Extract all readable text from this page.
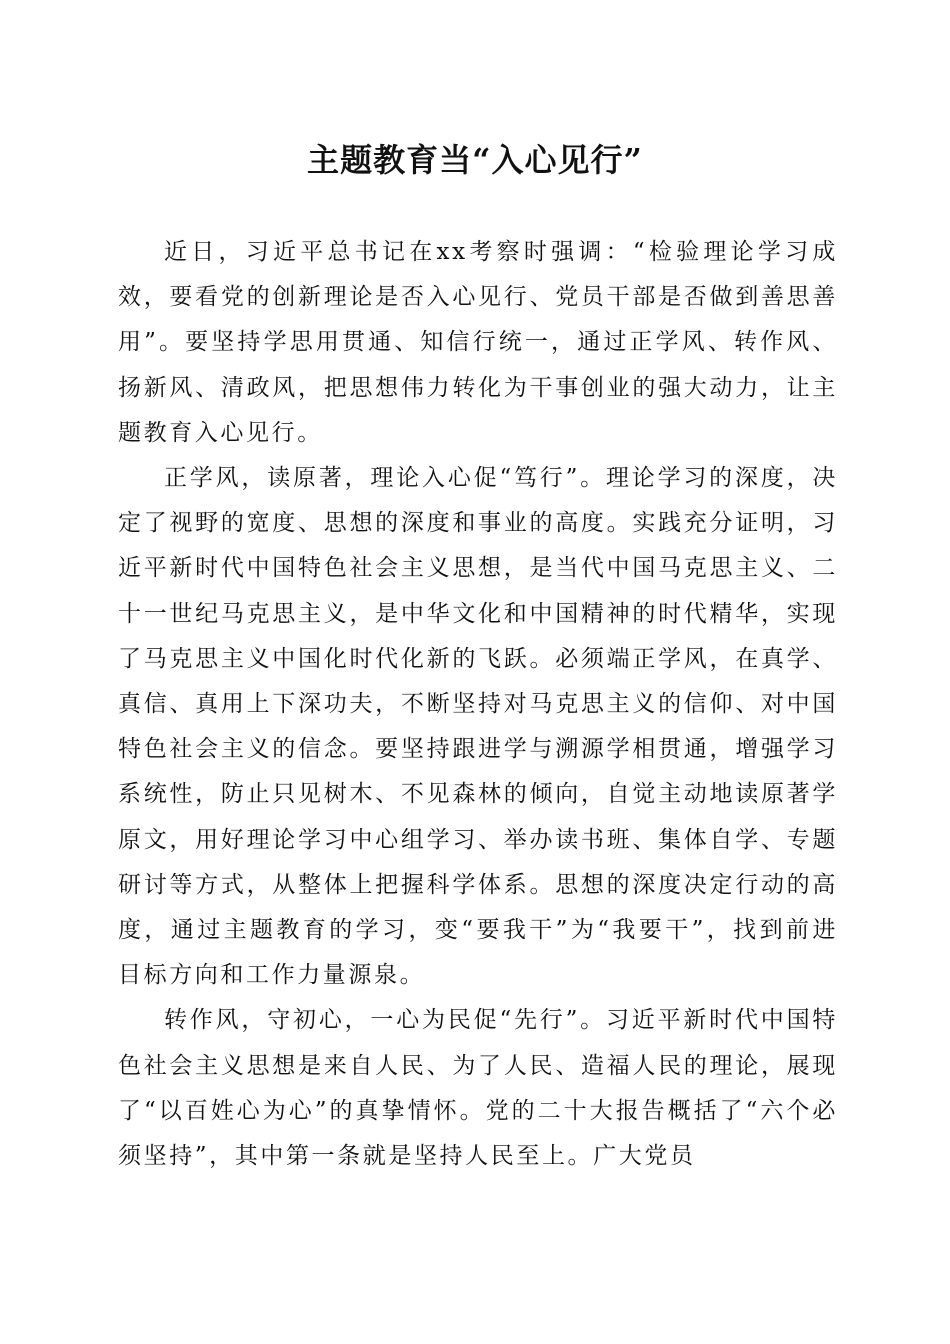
主题教育当“入心见行”

近日，习近平总书记在xx考察时强调：“检验理论学习成效，要看党的创新理论是否入心见行、党员干部是否做到善思善用”。要坚持学思用贯通、知信行统一，通过正学风、转作风、扬新风、清政风，把思想伟力转化为干事创业的强大动力，让主题教育入心见行。

正学风，读原著，理论入心促“笃行”。理论学习的深度，决定了视野的宽度、思想的深度和事业的高度。实践充分证明，习近平新时代中国特色社会主义思想，是当代中国马克思主义、二十一世纪马克思主义，是中华文化和中国精神的时代精华，实现了马克思主义中国化时代化新的飞跃。必须端正学风，在真学、真信、真用上下深功夫，不断坚持对马克思主义的信仰、对中国特色社会主义的信念。要坚持跟进学与溯源学相贯通，增强学习系统性，防止只见树木、不见森林的倾向，自觉主动地读原著学原文，用好理论学习中心组学习、举办读书班、集体自学、专题研讨等方式，从整体上把握科学体系。思想的深度决定行动的高度，通过主题教育的学习，变“要我干”为“我要干”，找到前进目标方向和工作力量源泉。

转作风，守初心，一心为民促“先行”。习近平新时代中国特色社会主义思想是来自人民、为了人民、造福人民的理论，展现了“以百姓心为心”的真挚情怀。党的二十大报告概括了“六个必须坚持”，其中第一条就是坚持人民至上。广大党员
